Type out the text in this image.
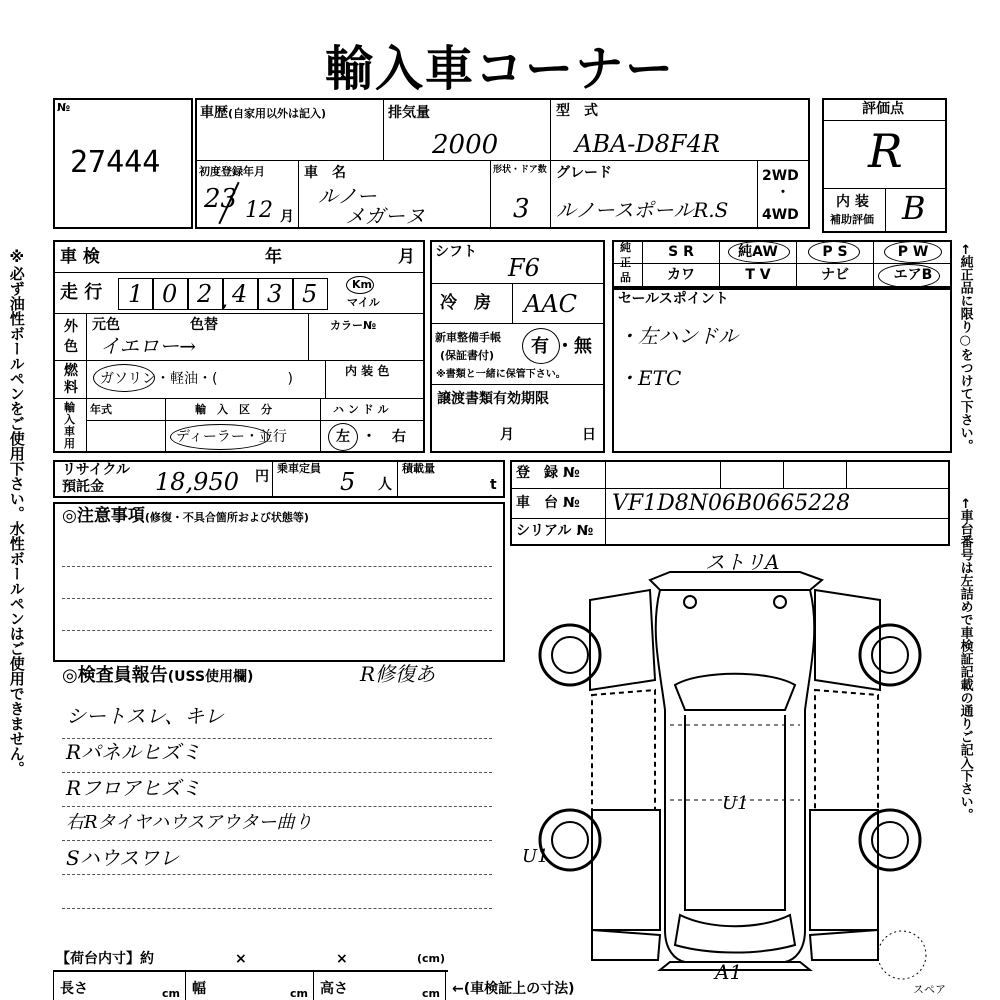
輸入車コーナー
※必ず油性ボールペンをご使用下さい。水性ボールペンはご使用できません。
№
27444
車歴(自家用以外は記入)	排気量
2000
型　式
ABA-D8F4R
初度登録年月
23 12 月
車　名
ルノー
メガーヌ
形状・ドア数
3
グレード
ルノースポールR.S
2WD
・
4WD
評価点
R
内 装
補助評価 B
車 検	年	月
走 行 1 0 2 , 4 3 5	Km
マイル
外
色
元色	色替	カラー№
イエロー→
燃
料
ガソリン・軽油・(　　　　　)	内 装 色
輸
入
車
用
年式	輸　入　区　分
ディーラー・並行
ハ ン ド ル
左 ・ 右
シフト
F6
冷　房 AAC
新車整備手帳
(保証書付) 有 ・ 無
※書類と一緒に保管下さい。
譲渡書類有効期限
月	日
純
正
品
S R	純AW	P S	P W
カワ	T V	ナビ	エアB
セールスポイント
・左ハンドル
・ETC	←純正品に限り○をつけて下さい。
←車台番号は左詰めで車検証記載の通りご記入下さい。
リサイクル
預託金 18,950 円
乗車定員 5 人
積載量
t
登　録 №
車　台 № VF1D8N06B0665228
シリアル №
◎注意事項(修復・不具合箇所および状態等)
◎検査員報告(USS使用欄)	R修復あ
シートスレ、キレ
Rパネルヒズミ
Rフロアヒズミ
右Rタイヤハウスアウター曲り
Sハウスワレ
ストリA
U1
U1
A1
スペア
【荷台内寸】約	×	×	(cm)
長さ	cm 幅	cm 高さ	cm ←(車検証上の寸法)
